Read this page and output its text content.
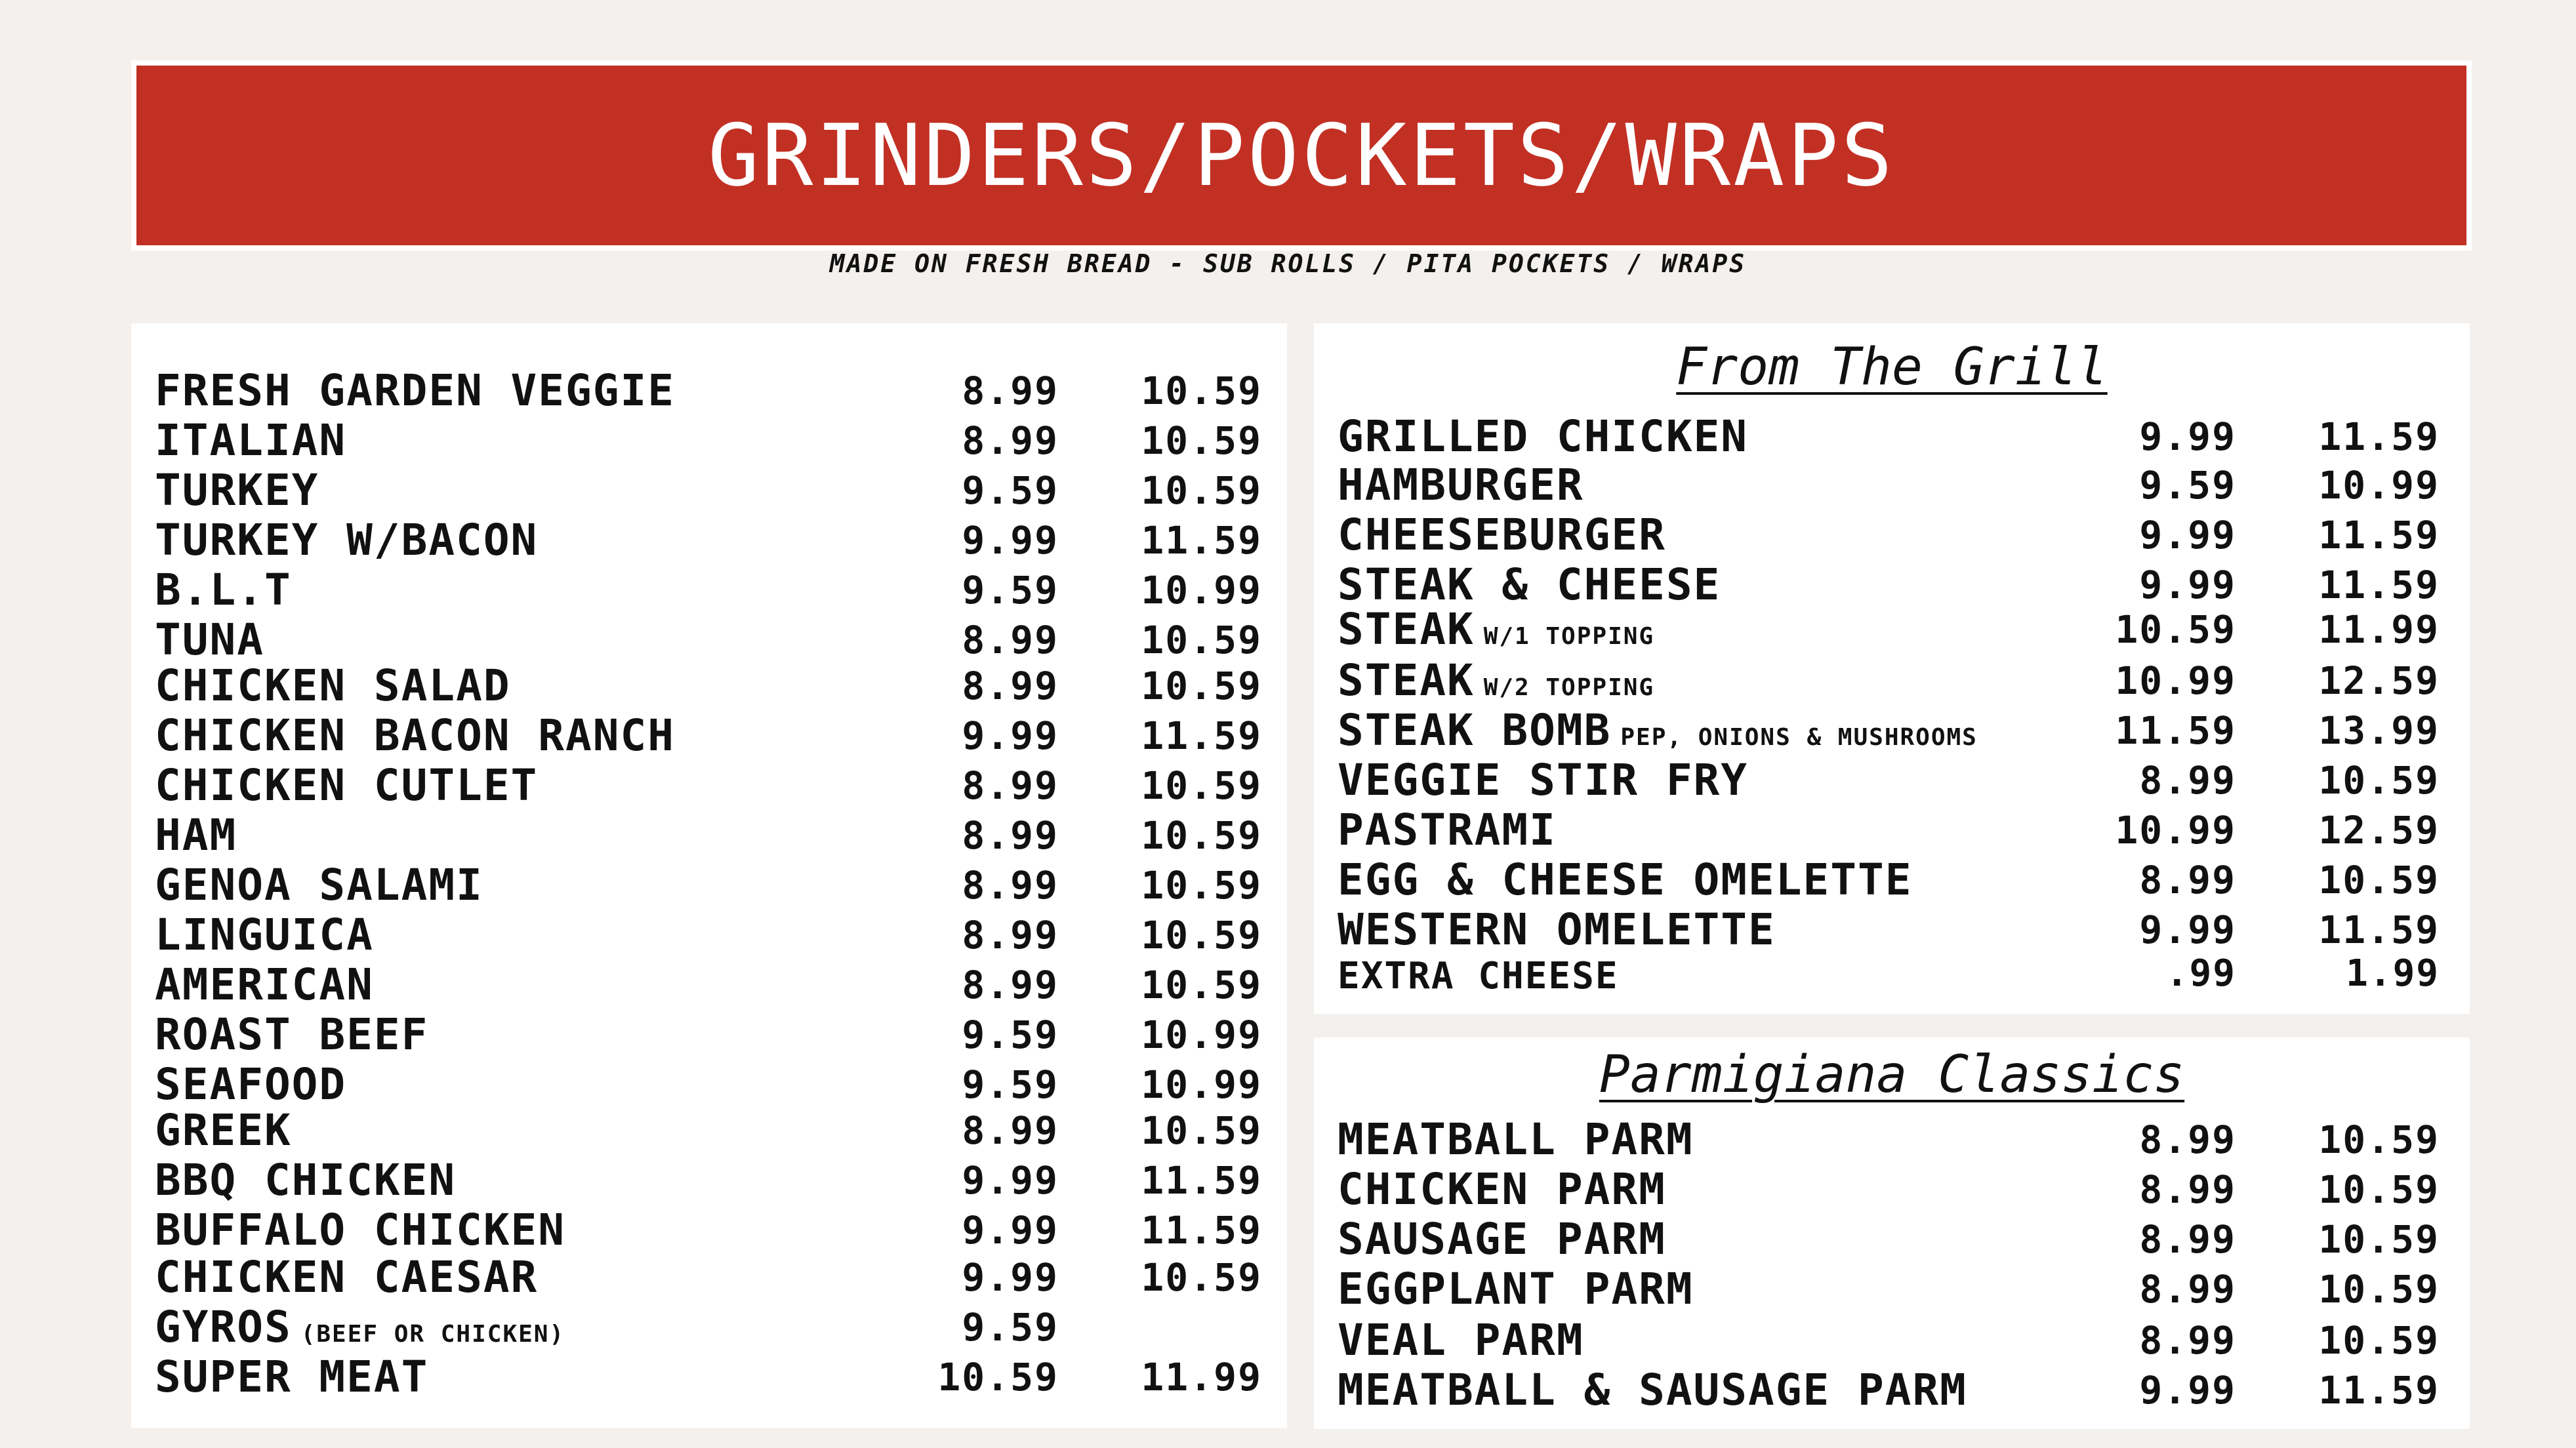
GRINDERS/POCKETS/WRAPS
MADE ON FRESH BREAD - SUB ROLLS / PITA POCKETS / WRAPS
FRESH GARDEN VEGGIE	8.99	10.59
ITALIAN	8.99	10.59
TURKEY	9.59	10.59
TURKEY W/BACON	9.99	11.59
B.L.T	9.59	10.99
TUNA	8.99	10.59
CHICKEN SALAD	8.99	10.59
CHICKEN BACON RANCH	9.99	11.59
CHICKEN CUTLET	8.99	10.59
HAM	8.99	10.59
GENOA SALAMI	8.99	10.59
LINGUICA	8.99	10.59
AMERICAN	8.99	10.59
ROAST BEEF	9.59	10.99
SEAFOOD	9.59	10.99
GREEK	8.99	10.59
BBQ CHICKEN	9.99	11.59
BUFFALO CHICKEN	9.99	11.59
CHICKEN CAESAR	9.99	10.59
GYROS (BEEF OR CHICKEN)	9.59
SUPER MEAT	10.59	11.99
From The Grill
GRILLED CHICKEN	9.99	11.59
HAMBURGER	9.59	10.99
CHEESEBURGER	9.99	11.59
STEAK & CHEESE	9.99	11.59
STEAK W/1 TOPPING	10.59	11.99
STEAK W/2 TOPPING	10.99	12.59
STEAK BOMB PEP, ONIONS & MUSHROOMS	11.59	13.99
VEGGIE STIR FRY	8.99	10.59
PASTRAMI	10.99	12.59
EGG & CHEESE OMELETTE	8.99	10.59
WESTERN OMELETTE	9.99	11.59
EXTRA CHEESE	.99	1.99
Parmigiana Classics
MEATBALL PARM	8.99	10.59
CHICKEN PARM	8.99	10.59
SAUSAGE PARM	8.99	10.59
EGGPLANT PARM	8.99	10.59
VEAL PARM	8.99	10.59
MEATBALL & SAUSAGE PARM	9.99	11.59
